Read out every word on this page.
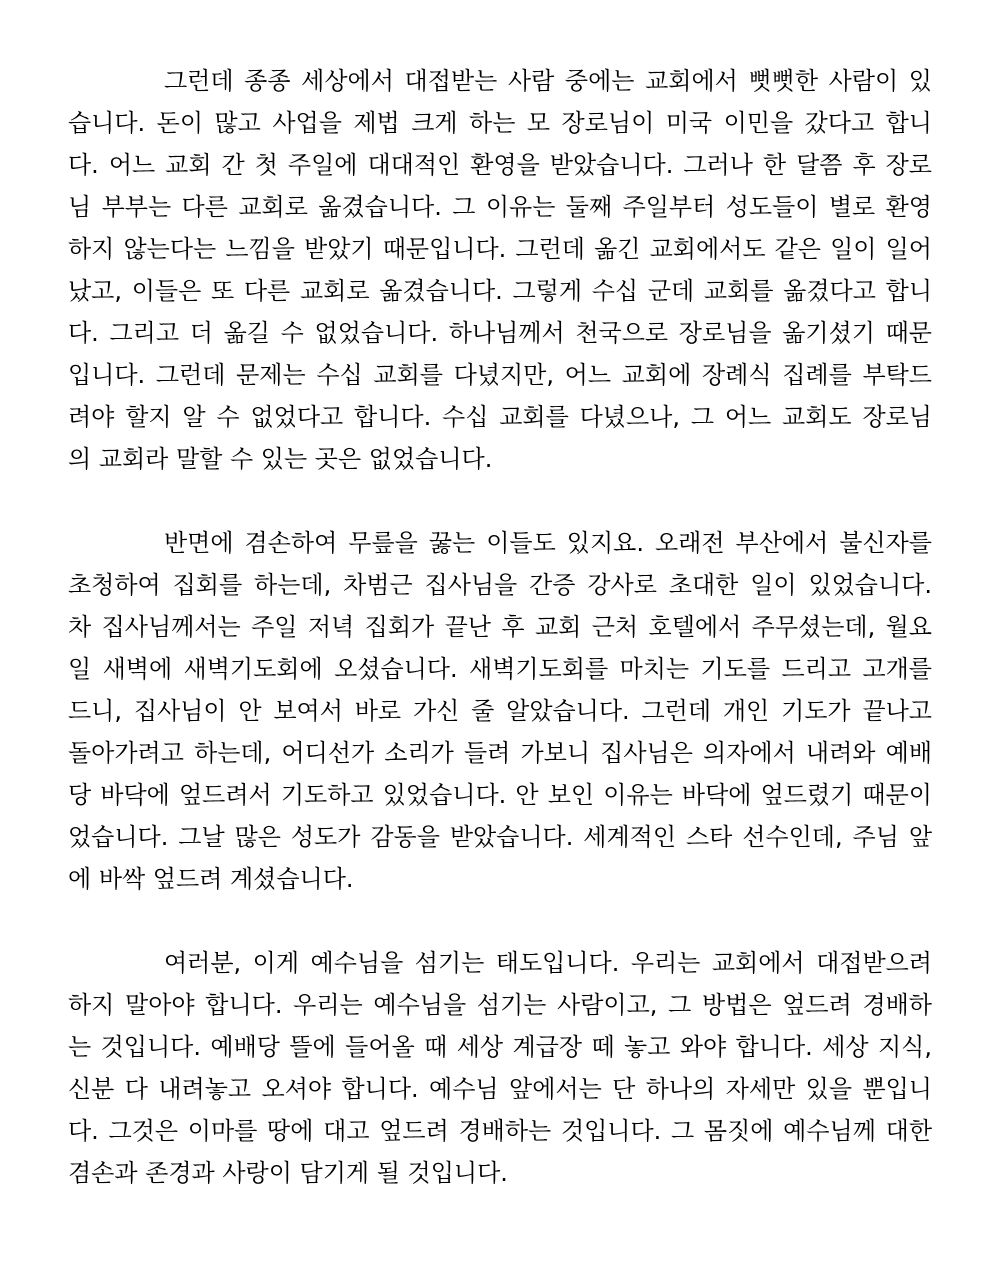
그런데 종종 세상에서 대접받는 사람 중에는 교회에서 뻣뻣한 사람이 있
습니다. 돈이 많고 사업을 제법 크게 하는 모 장로님이 미국 이민을 갔다고 합니
다. 어느 교회 간 첫 주일에 대대적인 환영을 받았습니다. 그러나 한 달쯤 후 장로
님 부부는 다른 교회로 옮겼습니다. 그 이유는 둘째 주일부터 성도들이 별로 환영
하지 않는다는 느낌을 받았기 때문입니다. 그런데 옮긴 교회에서도 같은 일이 일어
났고, 이들은 또 다른 교회로 옮겼습니다. 그렇게 수십 군데 교회를 옮겼다고 합니
다. 그리고 더 옮길 수 없었습니다. 하나님께서 천국으로 장로님을 옮기셨기 때문
입니다. 그런데 문제는 수십 교회를 다녔지만, 어느 교회에 장례식 집례를 부탁드
려야 할지 알 수 없었다고 합니다. 수십 교회를 다녔으나, 그 어느 교회도 장로님
의 교회라 말할 수 있는 곳은 없었습니다.
반면에 겸손하여 무릎을 꿇는 이들도 있지요. 오래전 부산에서 불신자를
초청하여 집회를 하는데, 차범근 집사님을 간증 강사로 초대한 일이 있었습니다.
차 집사님께서는 주일 저녁 집회가 끝난 후 교회 근처 호텔에서 주무셨는데, 월요
일 새벽에 새벽기도회에 오셨습니다. 새벽기도회를 마치는 기도를 드리고 고개를
드니, 집사님이 안 보여서 바로 가신 줄 알았습니다. 그런데 개인 기도가 끝나고
돌아가려고 하는데, 어디선가 소리가 들려 가보니 집사님은 의자에서 내려와 예배
당 바닥에 엎드려서 기도하고 있었습니다. 안 보인 이유는 바닥에 엎드렸기 때문이
었습니다. 그날 많은 성도가 감동을 받았습니다. 세계적인 스타 선수인데, 주님 앞
에 바싹 엎드려 계셨습니다.
여러분, 이게 예수님을 섬기는 태도입니다. 우리는 교회에서 대접받으려
하지 말아야 합니다. 우리는 예수님을 섬기는 사람이고, 그 방법은 엎드려 경배하
는 것입니다. 예배당 뜰에 들어올 때 세상 계급장 떼 놓고 와야 합니다. 세상 지식,
신분 다 내려놓고 오셔야 합니다. 예수님 앞에서는 단 하나의 자세만 있을 뿐입니
다. 그것은 이마를 땅에 대고 엎드려 경배하는 것입니다. 그 몸짓에 예수님께 대한
겸손과 존경과 사랑이 담기게 될 것입니다.
